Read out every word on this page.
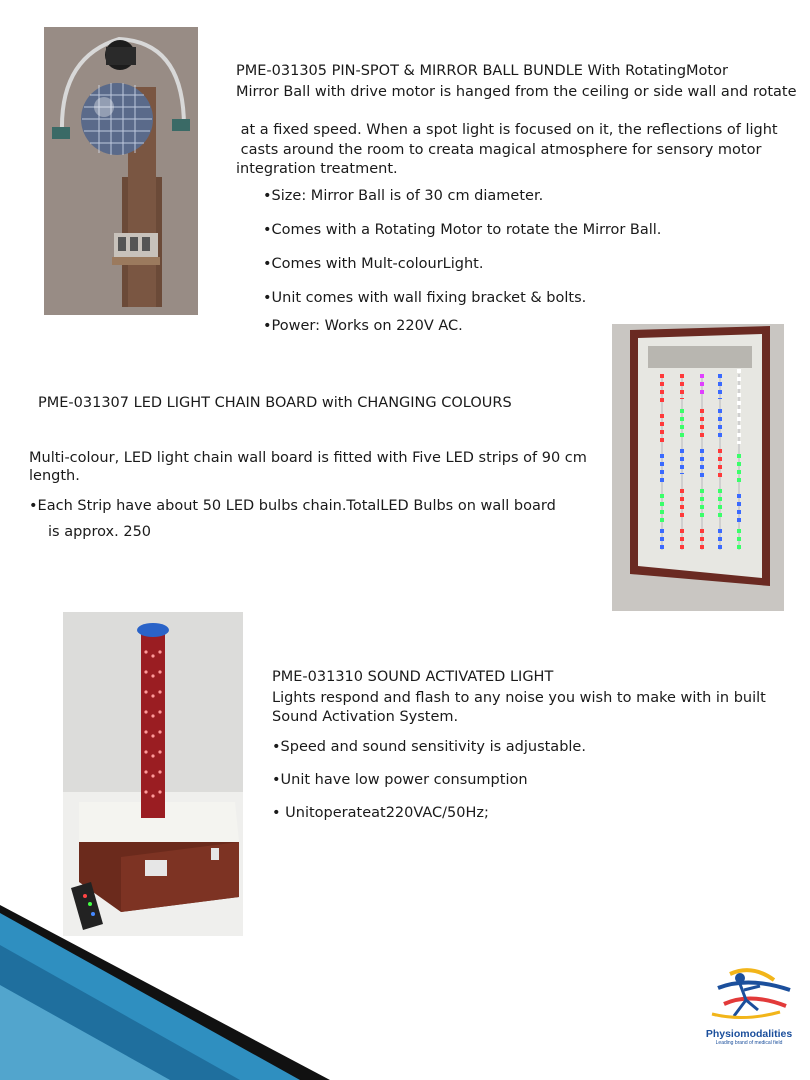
PME-031305 PIN-SPOT & MIRROR BALL BUNDLE With RotatingMotor
Mirror Ball with drive motor is hanged from the ceiling or side wall and rotate
at a fixed speed. When a spot light is focused on it, the reflections of light
casts around the room to creata magical atmosphere for sensory motor
integration treatment.
•Size: Mirror Ball is of 30 cm diameter.
•Comes with a Rotating Motor to rotate the Mirror Ball.
•Comes with Mult-colourLight.
•Unit comes with wall fixing bracket & bolts.
•Power: Works on 220V AC.
PME-031307 LED LIGHT CHAIN BOARD with CHANGING COLOURS
Multi-colour, LED light chain wall board is fitted with Five LED strips of 90 cm
length.
•Each Strip have about 50 LED bulbs chain.TotalLED Bulbs on wall board
is approx. 250
PME-031310 SOUND ACTIVATED LIGHT
Lights respond and flash to any noise you wish to make with in built
Sound Activation System.
•Speed and sound sensitivity is adjustable.
•Unit have low power consumption
• Unitoperateat220VAC/50Hz;
Physiomodalities
Leading brand of medical field
